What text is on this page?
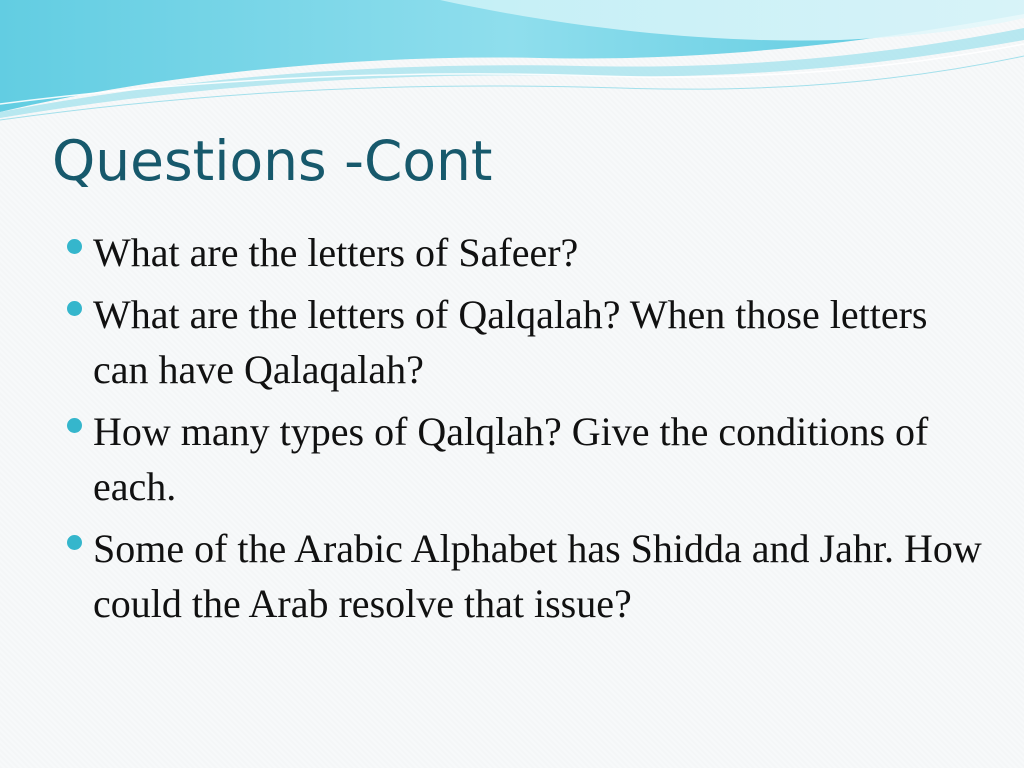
Questions -Cont
What are the letters of Safeer?
What are the letters of Qalqalah? When those letters can have Qalaqalah?
How many types of Qalqlah? Give the conditions of each.
Some of the Arabic Alphabet has Shidda and Jahr. How could the Arab resolve that issue?
